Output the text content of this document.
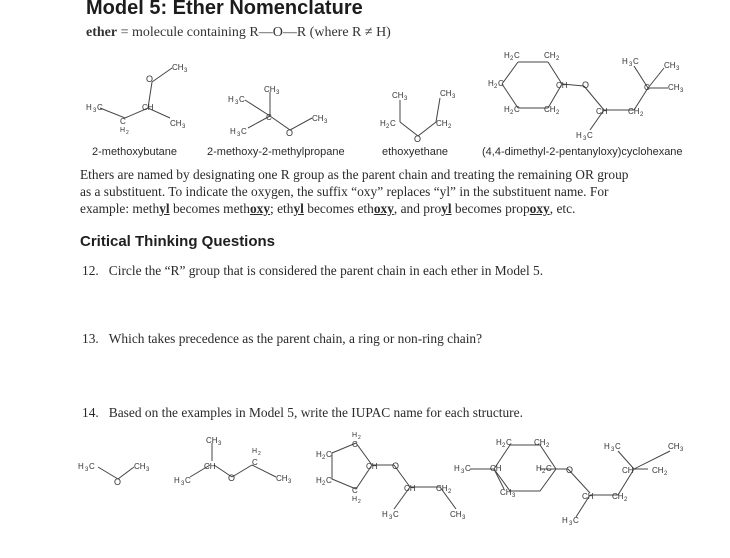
Model 5: Ether Nomenclature
ether = molecule containing R—O—R (where R ≠ H)
O
CH 3
H 3 C	CH
C
H 2
CH 3
H 3 C
CH 3
C
H 3 C	O
CH 3
CH 3
CH 3
H 2 C
O
CH 2
H 2 C	CH 2
H 2 C	CH
H 2 C	CH 2
O
CH	CH 2
H 3 C	CH 3
C CH 3
H 3 C
2-methoxybutane	2-methoxy-2-methylpropane	ethoxyethane	(4,4-dimethyl-2-pentanyloxy)cyclohexane

Ethers are named by designating one R group as the parent chain and treating the remaining OR group

as a substituent. To indicate the oxygen, the suffix “oxy” replaces “yl” in the substituent name. For

example: methyl becomes methoxy; ethyl becomes ethoxy, and proyl becomes propoxy, etc.

Critical Thinking Questions
12. Circle the “R” group that is considered the parent chain in each ether in Model 5.
13. Which takes precedence as the parent chain, a ring or non-ring chain?
14. Based on the examples in Model 5, write the IUPAC name for each structure.
H 3 C
O
CH 3
CH 3
CH
H 3 C	O
H 2
C
CH 3
H 2
C
H 2 C
CH
H 2 C
C
H 2
O
CH	CH 2
H 3 C	CH 3
H 2 C	CH 2
H 3 C CH	H 2 C O
CH 3	CH
H 3 C	CH 3
CH CH 2
CH 2
H 3 C
